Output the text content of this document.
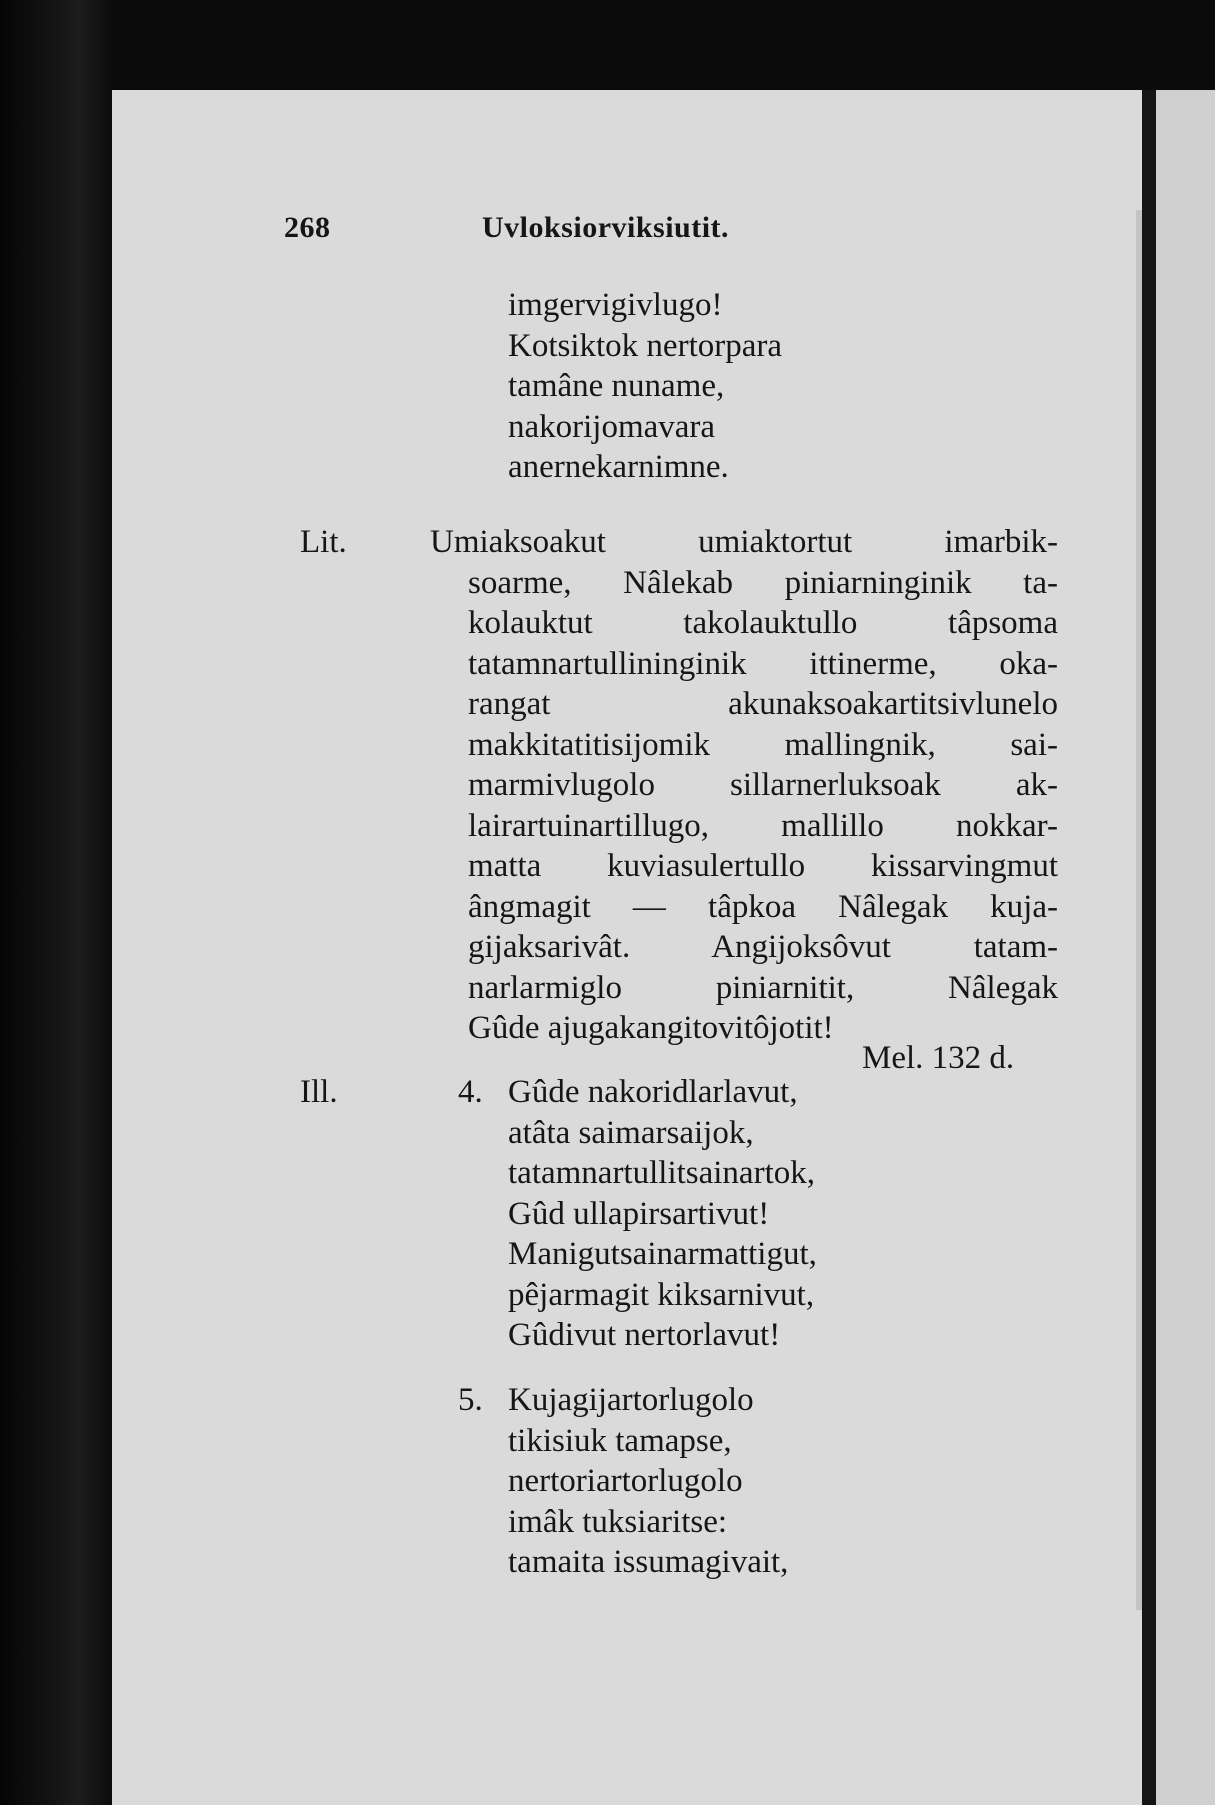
268	Uvloksiorviksiutit.
imgervigivlugo!
Kotsiktok nertorpara
tamâne nuname,
nakorijomavara
anernekarnimne.
Lit.	Umiaksoakut umiaktortut imarbik-
soarme, Nâlekab piniarninginik ta-
kolauktut takolauktullo tâpsoma
tatamnartullininginik ittinerme, oka-
rangat akunaksoakartitsivlunelo
makkitatitisijomik mallingnik, sai-
marmivlugolo sillarnerluksoak ak-
lairartuinartillugo, mallillo nokkar-
matta kuviasulertullo kissarvingmut
ângmagit — tâpkoa Nâlegak kuja-
gijaksarivât. Angijoksôvut tatam-
narlarmiglo piniarnitit, Nâlegak
Gûde ajugakangitovitôjotit!
Mel. 132 d.
Ill.	4. Gûde nakoridlarlavut,
atâta saimarsaijok,
tatamnartullitsainartok,
Gûd ullapirsartivut!
Manigutsainarmattigut,
pêjarmagit kiksarnivut,
Gûdivut nertorlavut!
5. Kujagijartorlugolo
tikisiuk tamapse,
nertoriartorlugolo
imâk tuksiaritse:
tamaita issumagivait,
